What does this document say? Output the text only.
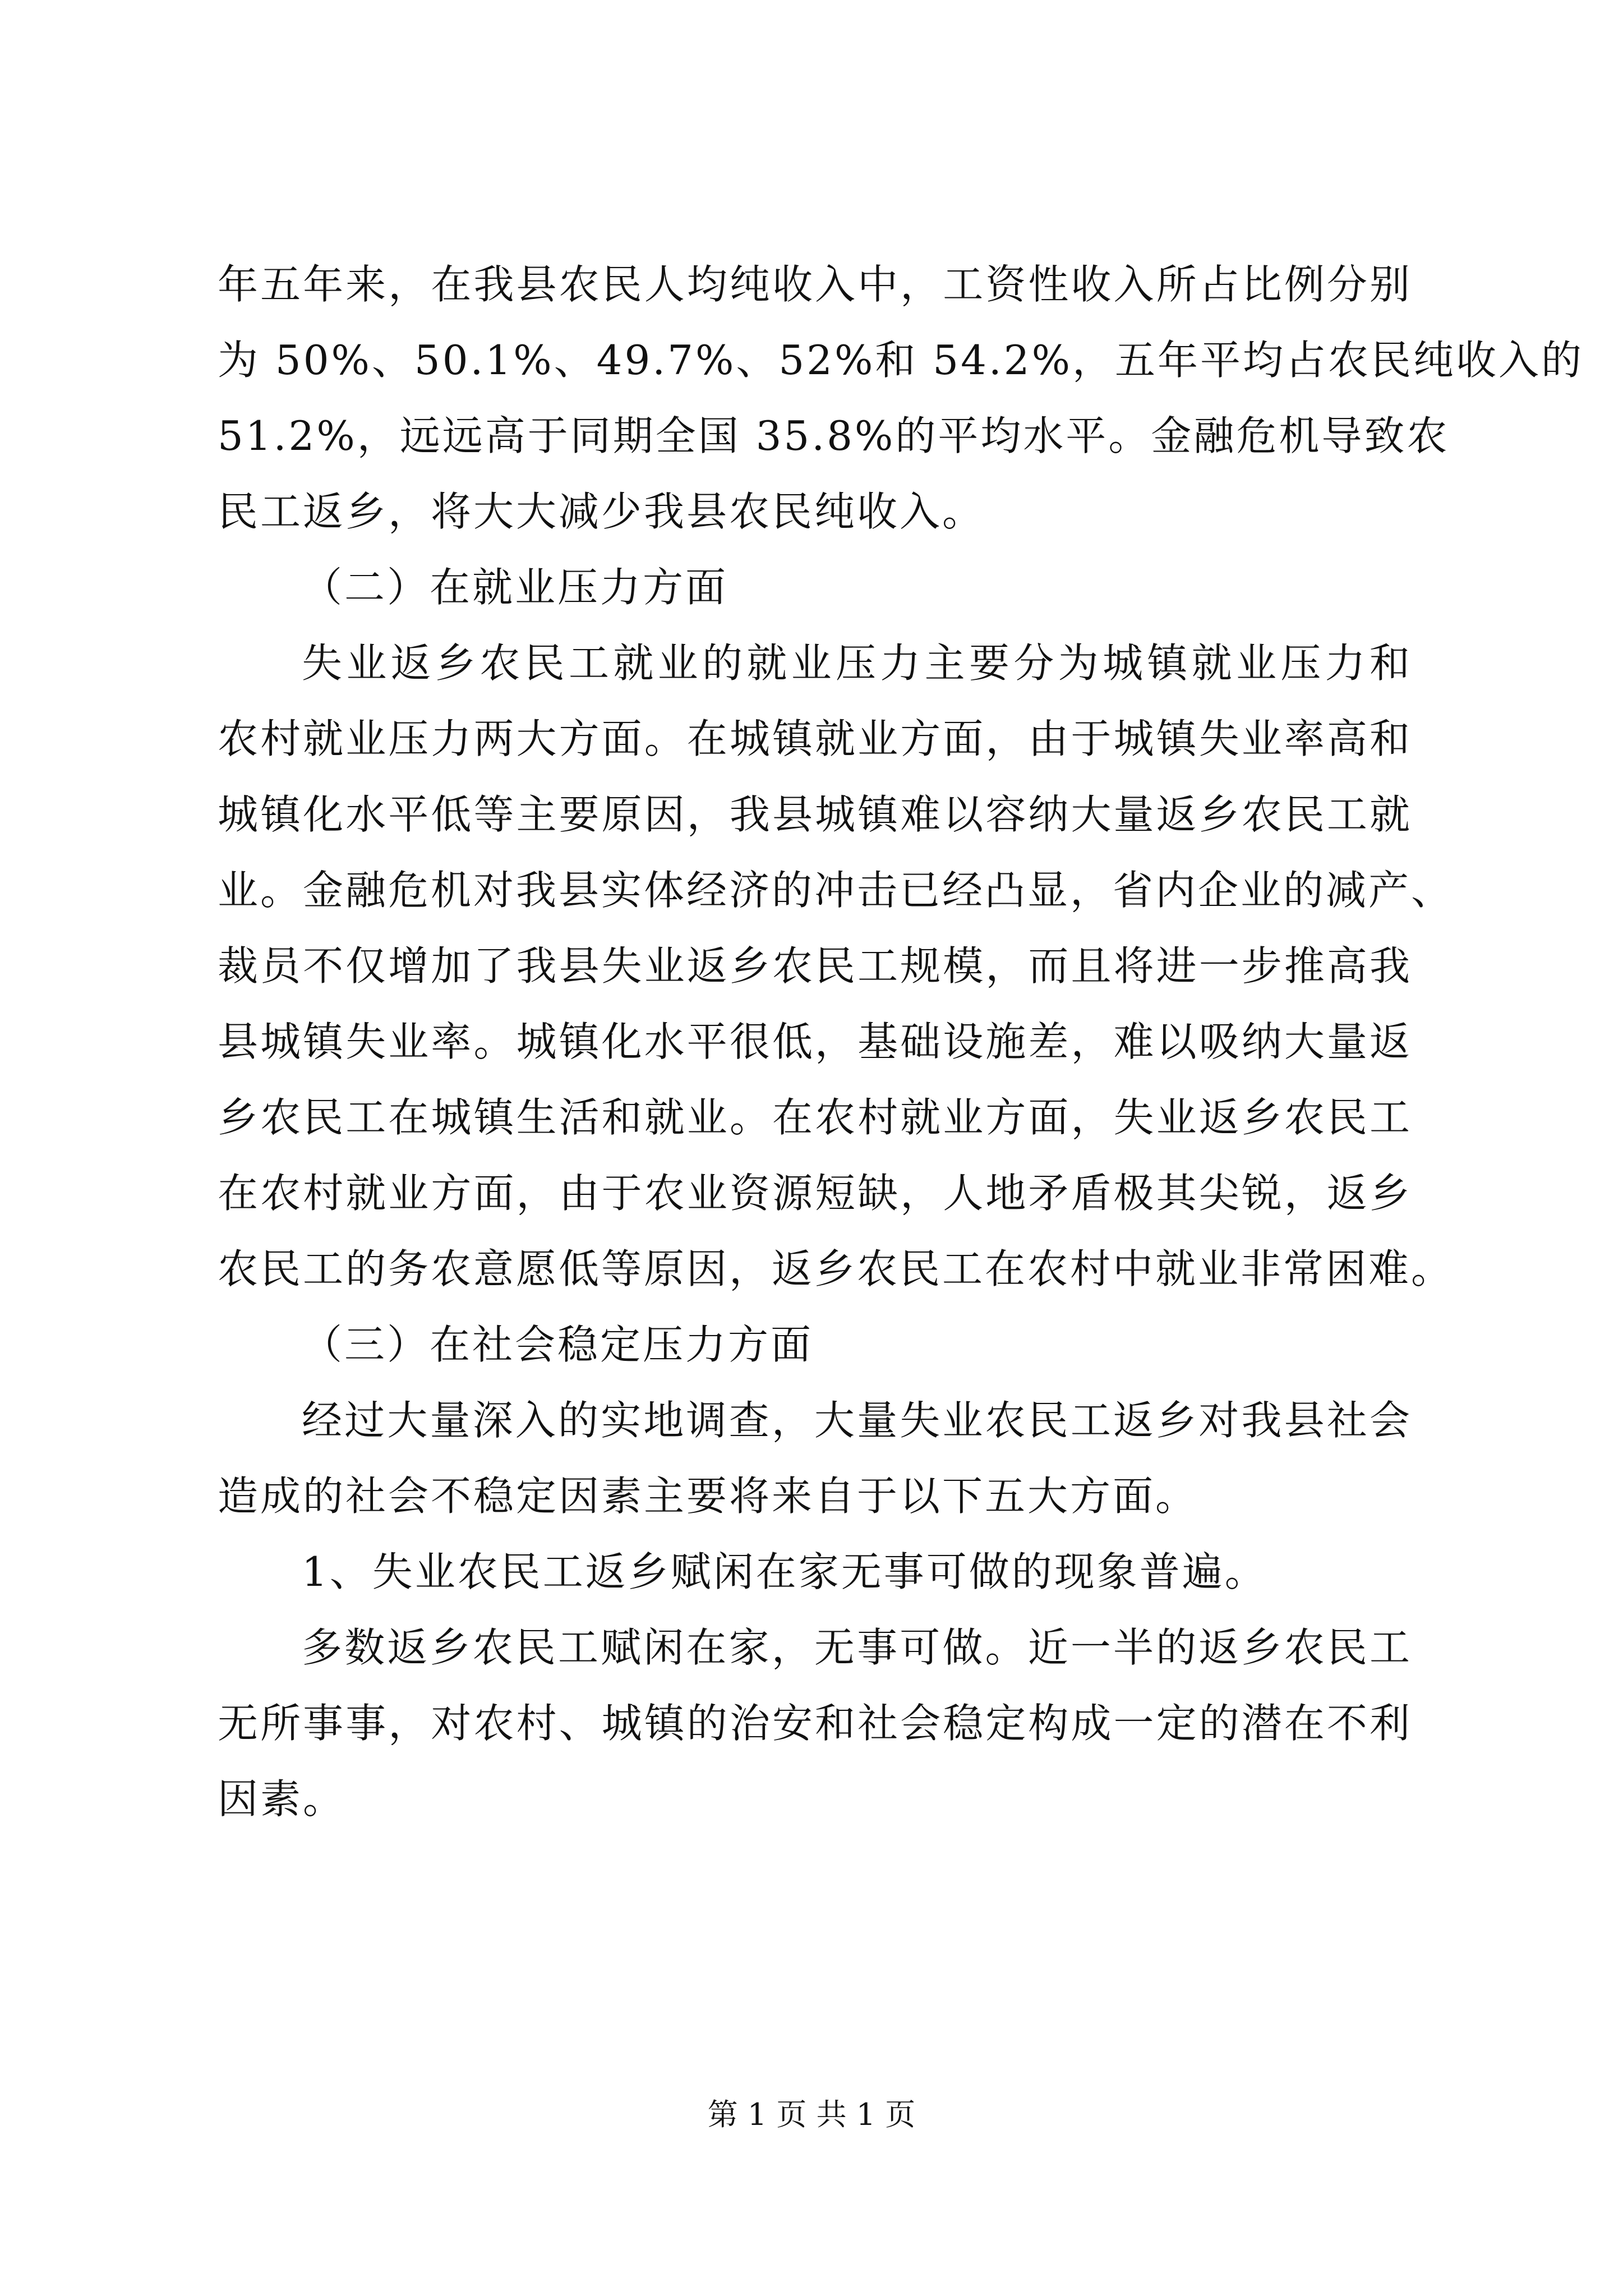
年五年来，在我县农民人均纯收入中，工资性收入所占比例分别
为 50%、50.1%、49.7%、52%和 54.2%，五年平均占农民纯收入的
51.2%，远远高于同期全国 35.8%的平均水平。金融危机导致农
民工返乡，将大大减少我县农民纯收入。
（二）在就业压力方面
失业返乡农民工就业的就业压力主要分为城镇就业压力和
农村就业压力两大方面。在城镇就业方面，由于城镇失业率高和
城镇化水平低等主要原因，我县城镇难以容纳大量返乡农民工就
业。金融危机对我县实体经济的冲击已经凸显，省内企业的减产、
裁员不仅增加了我县失业返乡农民工规模，而且将进一步推高我
县城镇失业率。城镇化水平很低，基础设施差，难以吸纳大量返
乡农民工在城镇生活和就业。在农村就业方面，失业返乡农民工
在农村就业方面，由于农业资源短缺，人地矛盾极其尖锐，返乡
农民工的务农意愿低等原因，返乡农民工在农村中就业非常困难。
（三）在社会稳定压力方面
经过大量深入的实地调查，大量失业农民工返乡对我县社会
造成的社会不稳定因素主要将来自于以下五大方面。
1、失业农民工返乡赋闲在家无事可做的现象普遍。
多数返乡农民工赋闲在家，无事可做。近一半的返乡农民工
无所事事，对农村、城镇的治安和社会稳定构成一定的潜在不利
因素。
第 1 页 共 1 页
